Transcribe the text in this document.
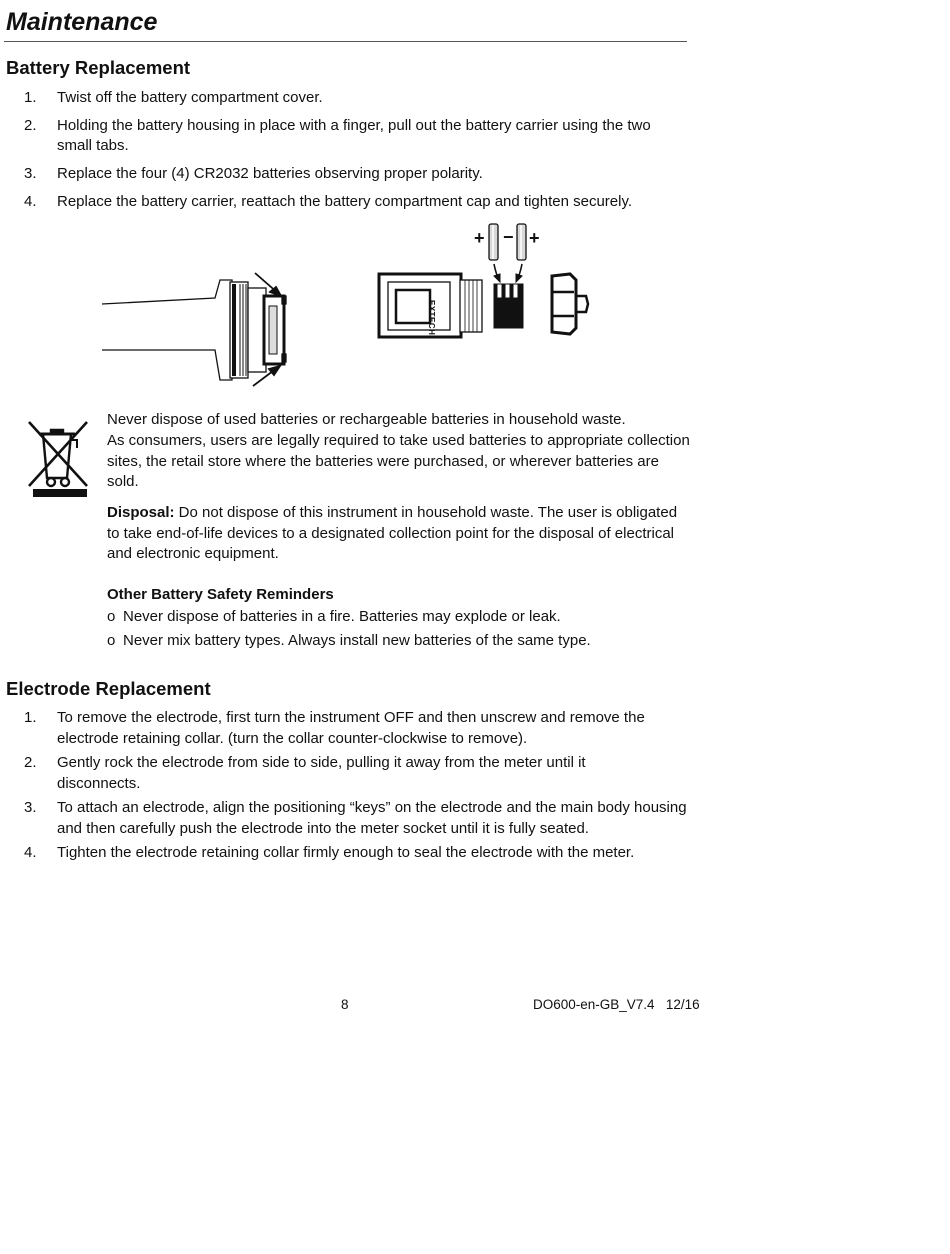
Maintenance
Battery Replacement
1. Twist off the battery compartment cover.
2. Holding the battery housing in place with a finger, pull out the battery carrier using the two small tabs.
3. Replace the four (4) CR2032 batteries observing proper polarity.
4. Replace the battery carrier, reattach the battery compartment cap and tighten securely.
+ − +
EXTECH

Never dispose of used batteries or rechargeable batteries in household waste.

As consumers, users are legally required to take used batteries to appropriate collection sites, the retail store where the batteries were purchased, or wherever batteries are sold.

Disposal: Do not dispose of this instrument in household waste. The user is obligated to take end-of-life devices to a designated collection point for the disposal of electrical and electronic equipment.

Other Battery Safety Reminders

o Never dispose of batteries in a fire. Batteries may explode or leak.
o Never mix battery types. Always install new batteries of the same type.
Electrode Replacement
1. To remove the electrode, first turn the instrument OFF and then unscrew and remove the electrode retaining collar. (turn the collar counter-clockwise to remove).
2. Gently rock the electrode from side to side, pulling it away from the meter until it disconnects.
3. To attach an electrode, align the positioning “keys” on the electrode and the main body housing and then carefully push the electrode into the meter socket until it is fully seated.
4. Tighten the electrode retaining collar firmly enough to seal the electrode with the meter.
8	DO600-en-GB_V7.4   12/16
